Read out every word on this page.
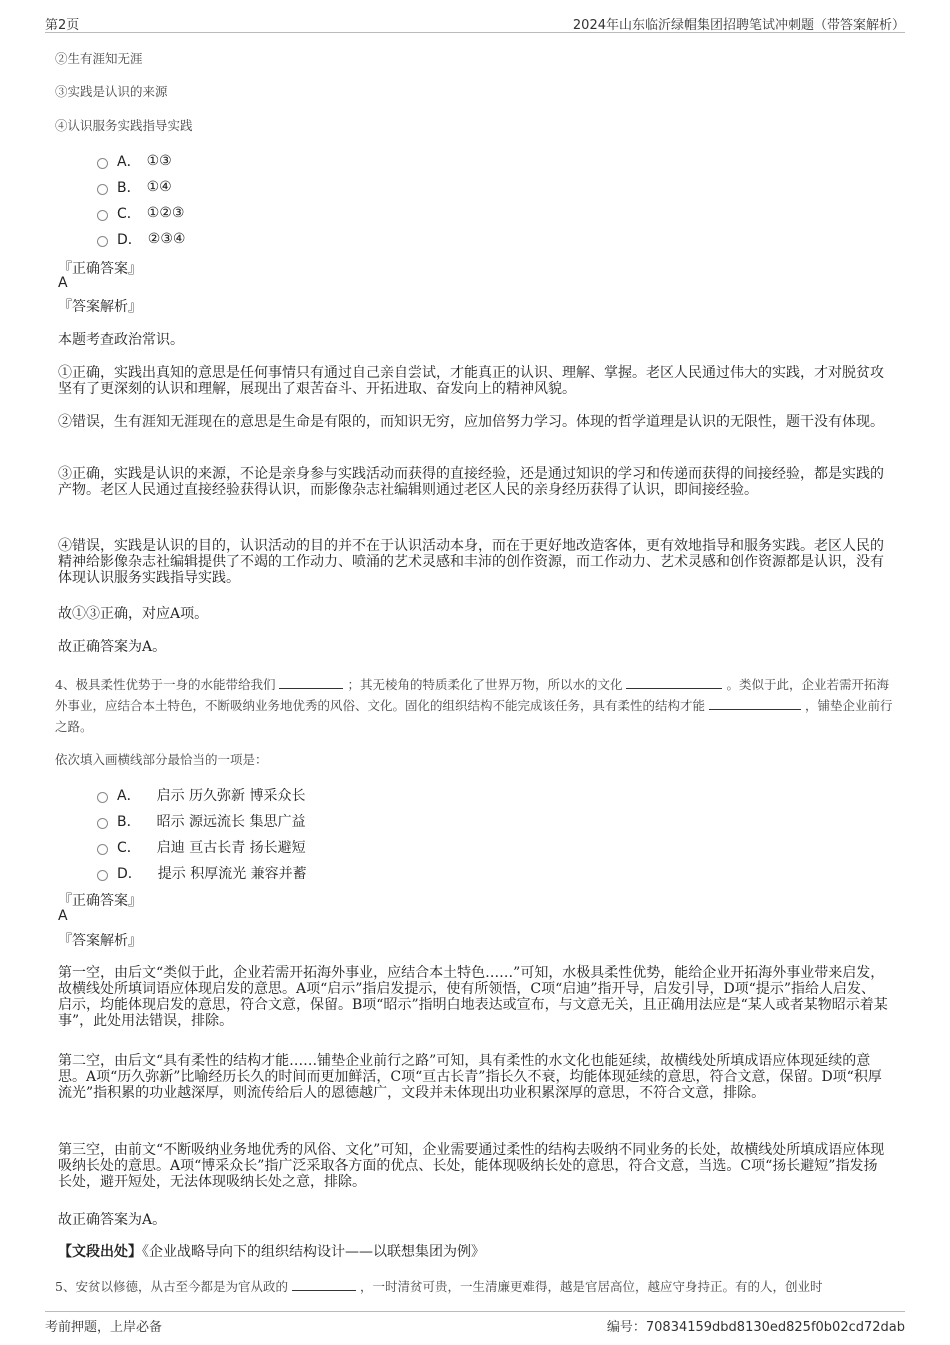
第2页	2024年山东临沂绿帽集团招聘笔试冲刺题（带答案解析）
②生有涯知无涯
③实践是认识的来源
④认识服务实践指导实践
A． ①③
B． ①④
C． ①②③
D． ②③④
『正确答案』
A
『答案解析』
本题考查政治常识。
①正确，实践出真知的意思是任何事情只有通过自己亲自尝试，才能真正的认识、理解、掌握。老区人民通过伟大的实践，才对脱贫攻坚有了更深刻的认识和理解，展现出了艰苦奋斗、开拓进取、奋发向上的精神风貌。
②错误，生有涯知无涯现在的意思是生命是有限的，而知识无穷，应加倍努力学习。体现的哲学道理是认识的无限性，题干没有体现。
③正确，实践是认识的来源，不论是亲身参与实践活动而获得的直接经验，还是通过知识的学习和传递而获得的间接经验，都是实践的产物。老区人民通过直接经验获得认识，而影像杂志社编辑则通过老区人民的亲身经历获得了认识，即间接经验。
④错误，实践是认识的目的，认识活动的目的并不在于认识活动本身，而在于更好地改造客体，更有效地指导和服务实践。老区人民的精神给影像杂志社编辑提供了不竭的工作动力、喷涌的艺术灵感和丰沛的创作资源，而工作动力、艺术灵感和创作资源都是认识，没有体现认识服务实践指导实践。
故①③正确，对应A项。
故正确答案为A。
4、极具柔性优势于一身的水能带给我们	；其无棱角的特质柔化了世界万物，所以水的文化	。类似于此，企业若需开拓海外事业，应结合本土特色，不断吸纳业务地优秀的风俗、文化。固化的组织结构不能完成该任务，具有柔性的结构才能	，铺垫企业前行之路。
依次填入画横线部分最恰当的一项是：
A． 启示 历久弥新 博采众长
B． 昭示 源远流长 集思广益
C． 启迪 亘古长青 扬长避短
D． 提示 积厚流光 兼容并蓄
『正确答案』
A
『答案解析』
第一空，由后文“类似于此，企业若需开拓海外事业，应结合本土特色……”可知，水极具柔性优势，能给企业开拓海外事业带来启发，故横线处所填词语应体现启发的意思。A项“启示”指启发提示，使有所领悟，C项“启迪”指开导，启发引导，D项“提示”指给人启发、启示，均能体现启发的意思，符合文意，保留。B项“昭示”指明白地表达或宣布，与文意无关，且正确用法应是“某人或者某物昭示着某事”，此处用法错误，排除。
第二空，由后文“具有柔性的结构才能……铺垫企业前行之路”可知，具有柔性的水文化也能延续，故横线处所填成语应体现延续的意思。A项“历久弥新”比喻经历长久的时间而更加鲜活，C项“亘古长青”指长久不衰，均能体现延续的意思，符合文意，保留。D项“积厚流光”指积累的功业越深厚，则流传给后人的恩德越广，文段并未体现出功业积累深厚的意思，不符合文意，排除。
第三空，由前文“不断吸纳业务地优秀的风俗、文化”可知，企业需要通过柔性的结构去吸纳不同业务的长处，故横线处所填成语应体现吸纳长处的意思。A项“博采众长”指广泛采取各方面的优点、长处，能体现吸纳长处的意思，符合文意，当选。C项“扬长避短”指发扬长处，避开短处，无法体现吸纳长处之意，排除。
故正确答案为A。
【文段出处】《企业战略导向下的组织结构设计——以联想集团为例》
5、安贫以修德，从古至今都是为官从政的	，一时清贫可贵，一生清廉更难得，越是官居高位，越应守身持正。有的人，创业时
考前押题，上岸必备	编号：70834159dbd8130ed825f0b02cd72dab
